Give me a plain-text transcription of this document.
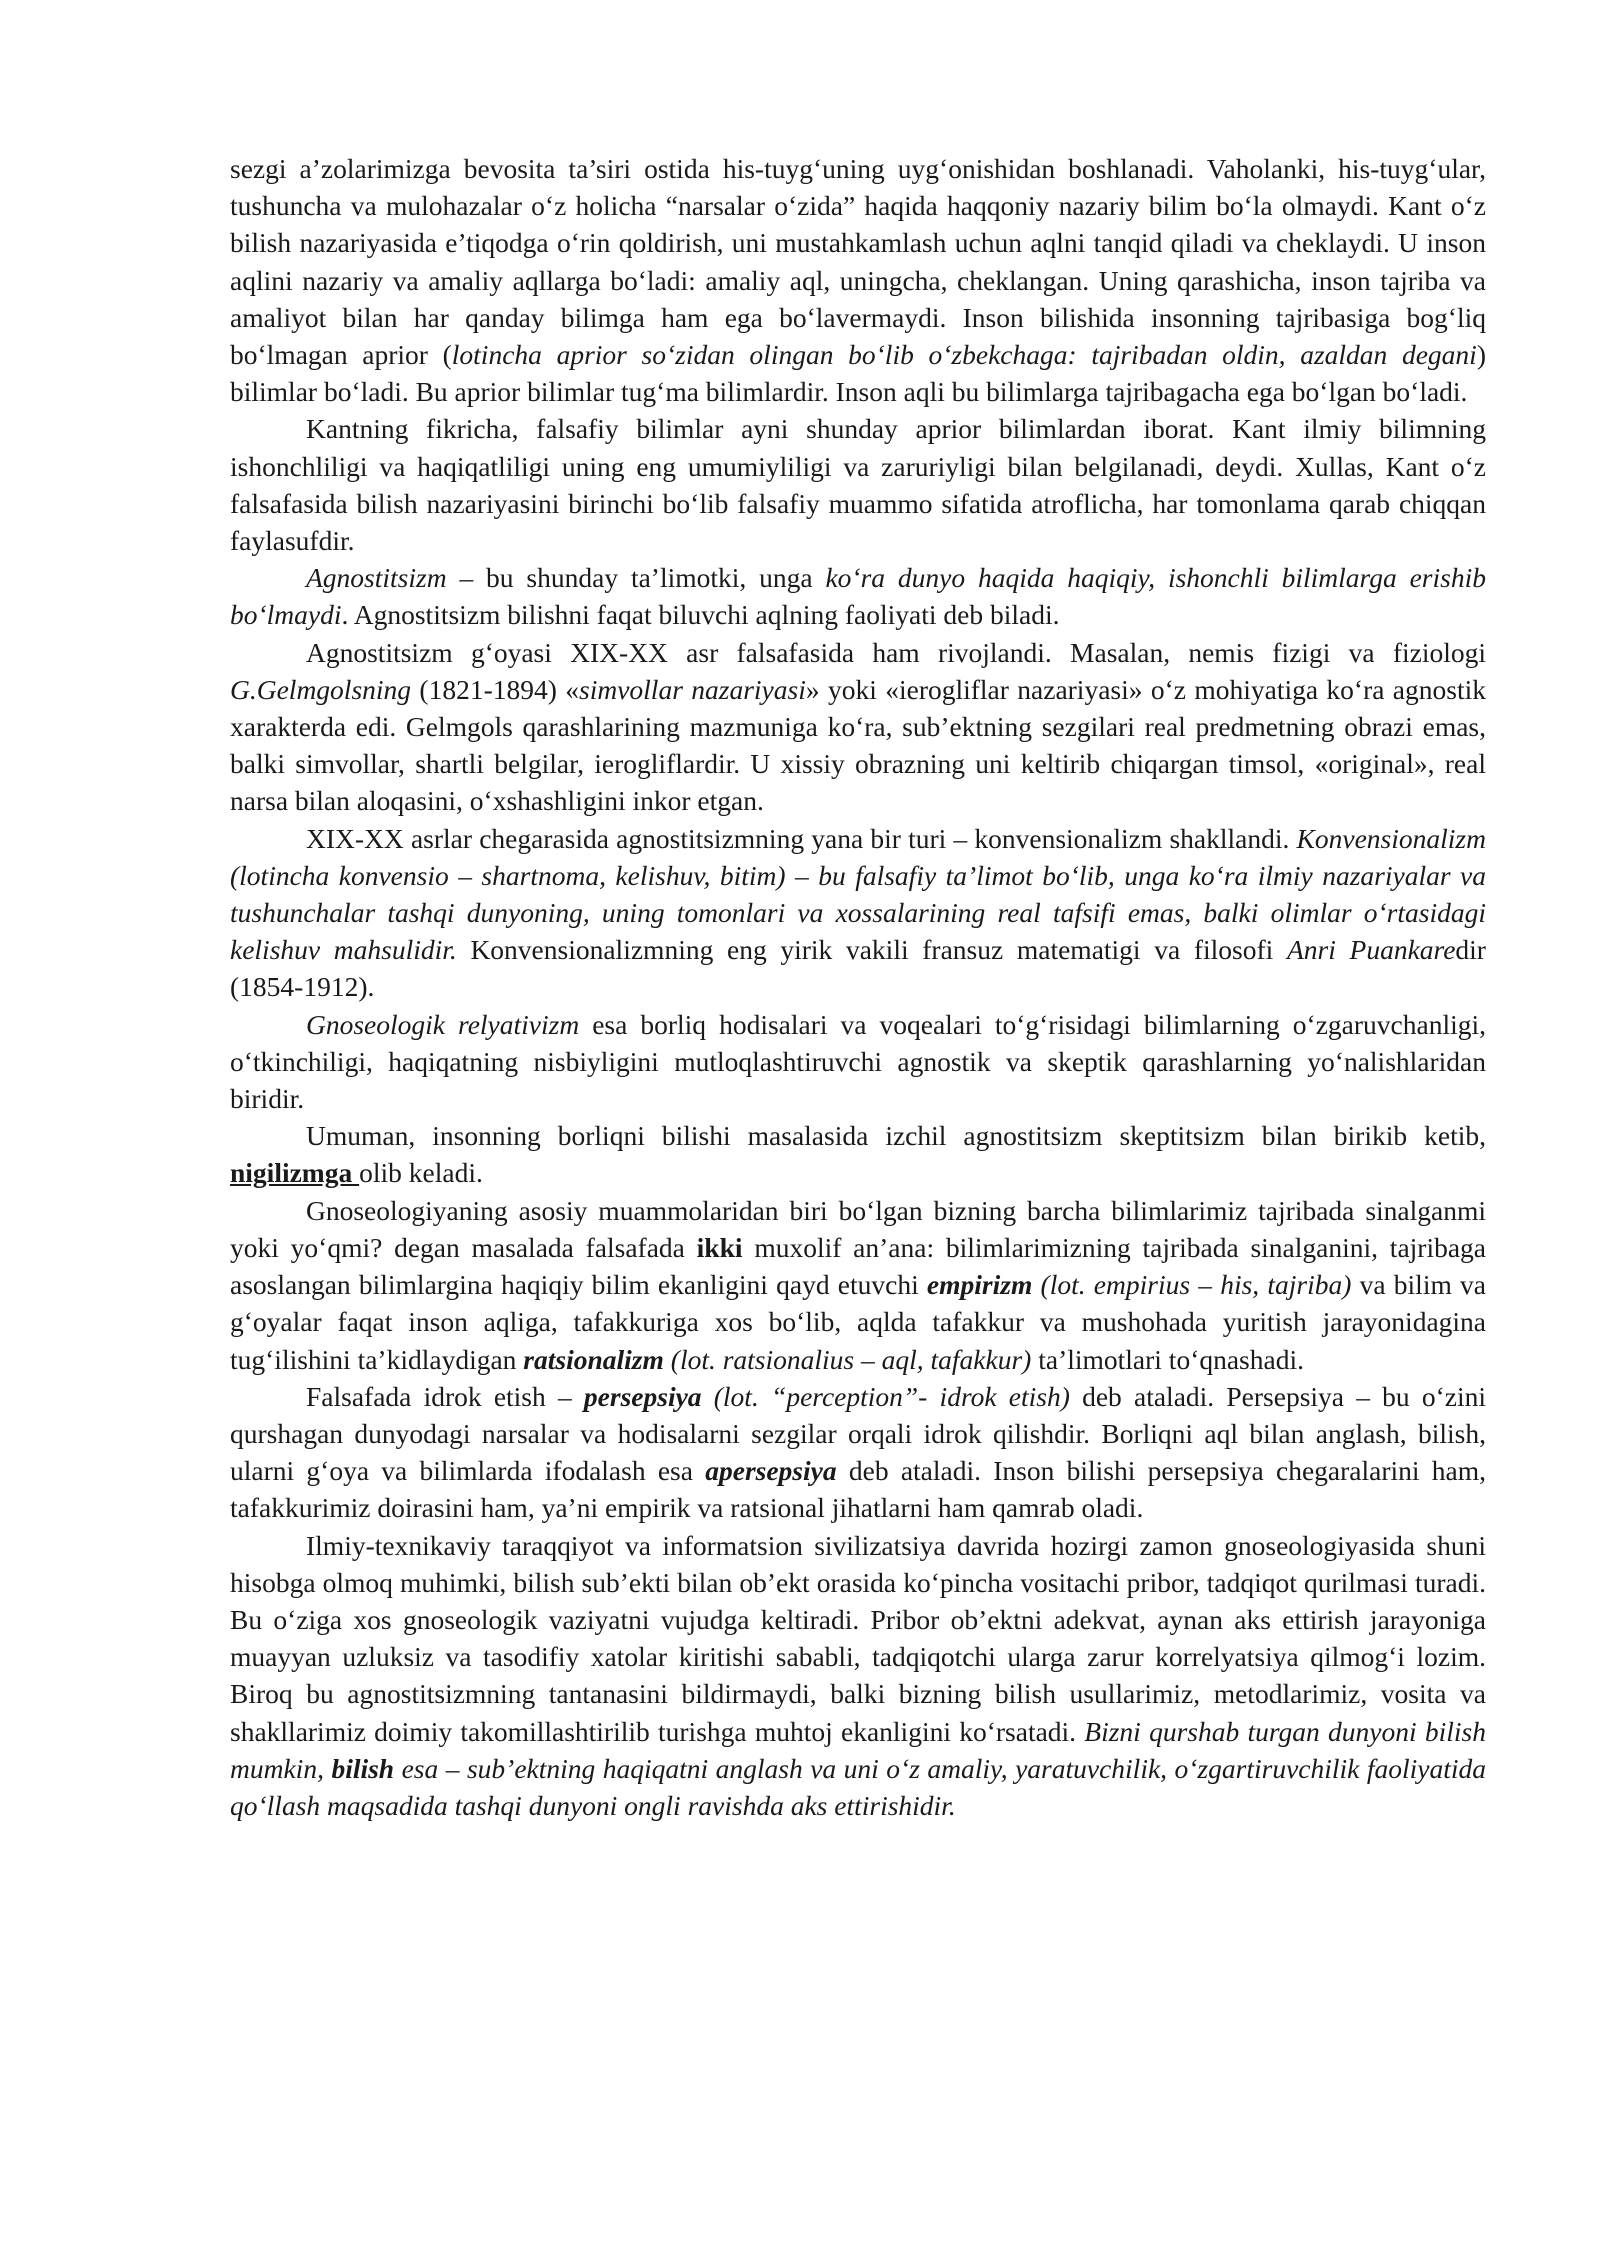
sezgi a’zolarimizga bevosita ta’siri ostida his-tuyg‘uning uyg‘onishidan boshlanadi. Vaholanki, his-tuyg‘ular, tushuncha va mulohazalar o‘z holicha “narsalar o‘zida” haqida haqqoniy nazariy bilim bo‘la olmaydi. Kant o‘z bilish nazariyasida e’tiqodga o‘rin qoldirish, uni mustahkamlash uchun aqlni tanqid qiladi va cheklaydi. U inson aqlini nazariy va amaliy aqllarga bo‘ladi: amaliy aql, uningcha, cheklangan. Uning qarashicha, inson tajriba va amaliyot bilan har qanday bilimga ham ega bo‘lavermaydi. Inson bilishida insonning tajribasiga bog‘liq bo‘lmagan aprior (lotincha aprior so‘zidan olingan bo‘lib o‘zbekchaga: tajribadan oldin, azaldan degani) bilimlar bo‘ladi. Bu aprior bilimlar tug‘ma bilimlardir. Inson aqli bu bilimlarga tajribagacha ega bo‘lgan bo‘ladi.

Kantning fikricha, falsafiy bilimlar ayni shunday aprior bilimlardan iborat. Kant ilmiy bilimning ishonchliligi va haqiqatliligi uning eng umumiyliligi va zaruriyligi bilan belgilanadi, deydi. Xullas, Kant o‘z falsafasida bilish nazariyasini birinchi bo‘lib falsafiy muammo sifatida atroflicha, har tomonlama qarab chiqqan faylasufdir.

Agnostitsizm – bu shunday ta’limotki, unga ko‘ra dunyo haqida haqiqiy, ishonchli bilimlarga erishib bo‘lmaydi. Agnostitsizm bilishni faqat biluvchi aqlning faoliyati deb biladi.

Agnostitsizm g‘oyasi XIX-XX asr falsafasida ham rivojlandi. Masalan, nemis fizigi va fiziologi G.Gelmgolsning (1821-1894) «simvollar nazariyasi» yoki «ierogliflar nazariyasi» o‘z mohiyatiga ko‘ra agnostik xarakterda edi. Gelmgols qarashlarining mazmuniga ko‘ra, sub’ektning sezgilari real predmetning obrazi emas, balki simvollar, shartli belgilar, ierogliflardir. U xissiy obrazning uni keltirib chiqargan timsol, «original», real narsa bilan aloqasini, o‘xshashligini inkor etgan.

XIX-XX asrlar chegarasida agnostitsizmning yana bir turi – konvensionalizm shakllandi. Konvensionalizm (lotincha konvensio – shartnoma, kelishuv, bitim) – bu falsafiy ta’limot bo‘lib, unga ko‘ra ilmiy nazariyalar va tushunchalar tashqi dunyoning, uning tomonlari va xossalarining real tafsifi emas, balki olimlar o‘rtasidagi kelishuv mahsulidir. Konvensionalizmning eng yirik vakili fransuz matematigi va filosofi Anri Puankaredir (1854-1912).

Gnoseologik relyativizm esa borliq hodisalari va voqealari to‘g‘risidagi bilimlarning o‘zgaruvchanligi, o‘tkinchiligi, haqiqatning nisbiyligini mutloqlashtiruvchi agnostik va skeptik qarashlarning yo‘nalishlaridan biridir.

Umuman, insonning borliqni bilishi masalasida izchil agnostitsizm skeptitsizm bilan birikib ketib, nigilizmga olib keladi.

Gnoseologiyaning asosiy muammolaridan biri bo‘lgan bizning barcha bilimlarimiz tajribada sinalganmi yoki yo‘qmi? degan masalada falsafada ikki muxolif an’ana: bilimlarimizning tajribada sinalganini, tajribaga asoslangan bilimlargina haqiqiy bilim ekanligini qayd etuvchi empirizm (lot. empirius – his, tajriba) va bilim va g‘oyalar faqat inson aqliga, tafakkuriga xos bo‘lib, aqlda tafakkur va mushohada yuritish jarayonidagina tug‘ilishini ta’kidlaydigan ratsionalizm (lot. ratsionalius – aql, tafakkur) ta’limotlari to‘qnashadi.

Falsafada idrok etish – persepsiya (lot. “perception”- idrok etish) deb ataladi. Persepsiya – bu o‘zini qurshagan dunyodagi narsalar va hodisalarni sezgilar orqali idrok qilishdir. Borliqni aql bilan anglash, bilish, ularni g‘oya va bilimlarda ifodalash esa apersepsiya deb ataladi. Inson bilishi persepsiya chegaralarini ham, tafakkurimiz doirasini ham, ya’ni empirik va ratsional jihatlarni ham qamrab oladi.

Ilmiy-texnikaviy taraqqiyot va informatsion sivilizatsiya davrida hozirgi zamon gnoseologiyasida shuni hisobga olmoq muhimki, bilish sub’ekti bilan ob’ekt orasida ko‘pincha vositachi pribor, tadqiqot qurilmasi turadi. Bu o‘ziga xos gnoseologik vaziyatni vujudga keltiradi. Pribor ob’ektni adekvat, aynan aks ettirish jarayoniga muayyan uzluksiz va tasodifiy xatolar kiritishi sababli, tadqiqotchi ularga zarur korrelyatsiya qilmog‘i lozim. Biroq bu agnostitsizmning tantanasini bildirmaydi, balki bizning bilish usullarimiz, metodlarimiz, vosita va shakllarimiz doimiy takomillashtirilib turishga muhtoj ekanligini ko‘rsatadi. Bizni qurshab turgan dunyoni bilish mumkin, bilish esa – sub’ektning haqiqatni anglash va uni o‘z amaliy, yaratuvchilik, o‘zgartiruvchilik faoliyatida qo‘llash maqsadida tashqi dunyoni ongli ravishda aks ettirishidir.
